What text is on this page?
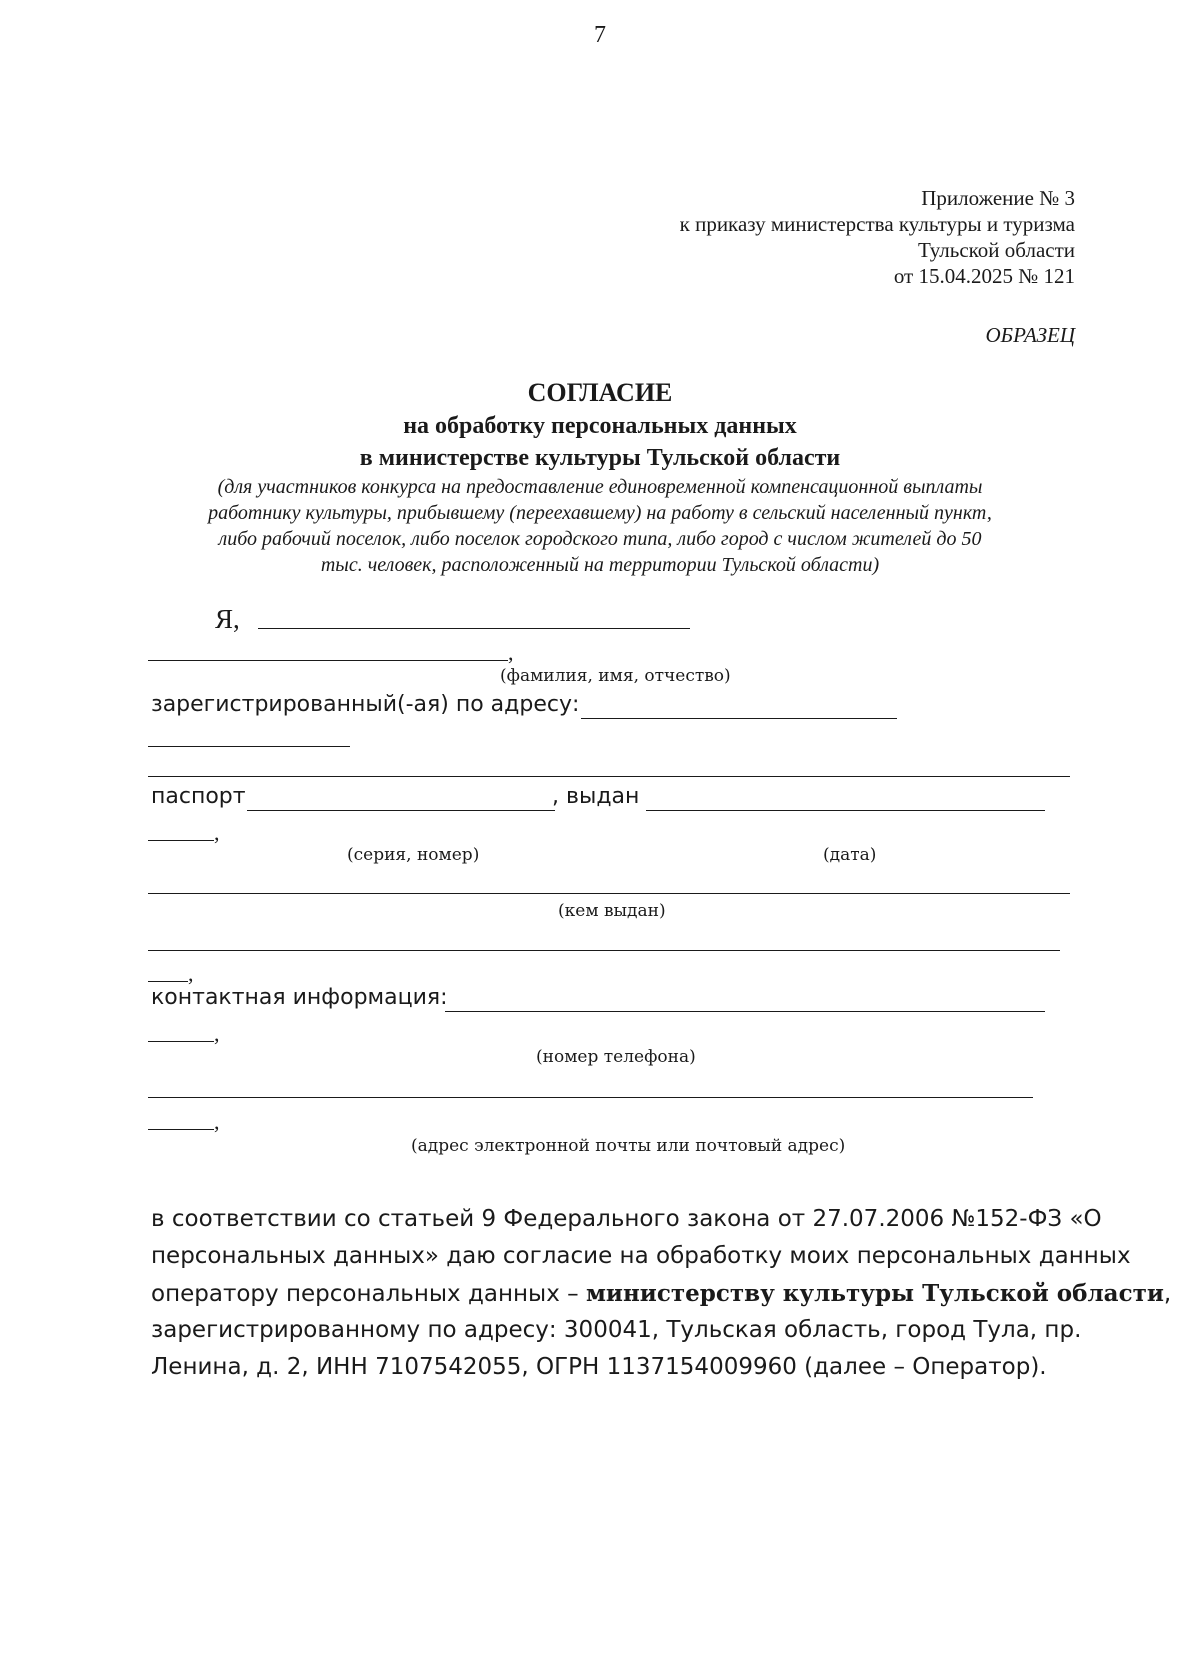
7
Приложение № 3
к приказу министерства культуры и туризма
Тульской области
от 15.04.2025 № 121
ОБРАЗЕЦ
СОГЛАСИЕ
на обработку персональных данных
в министерстве культуры Тульской области
(для участников конкурса на предоставление единовременной компенсационной выплаты
работнику культуры, прибывшему (переехавшему) на работу в сельский населенный пункт,
либо рабочий поселок, либо поселок городского типа, либо город с числом жителей до 50
тыс. человек, расположенный на территории Тульской области)
Я,
,
(фамилия, имя, отчество)
зарегистрированный(-ая) по адресу:
паспорт	, выдан
,
(серия, номер)	(дата)
(кем выдан)
,
контактная информация:
,
(номер телефона)
,
(адрес электронной почты или почтовый адрес)
в соответствии со статьей 9 Федерального закона от 27.07.2006 №152-ФЗ «О
персональных данных» даю согласие на обработку моих персональных данных
оператору персональных данных – министерству культуры Тульской области,
зарегистрированному по адресу: 300041, Тульская область, город Тула, пр.
Ленина, д. 2, ИНН 7107542055, ОГРН 1137154009960 (далее – Оператор).
